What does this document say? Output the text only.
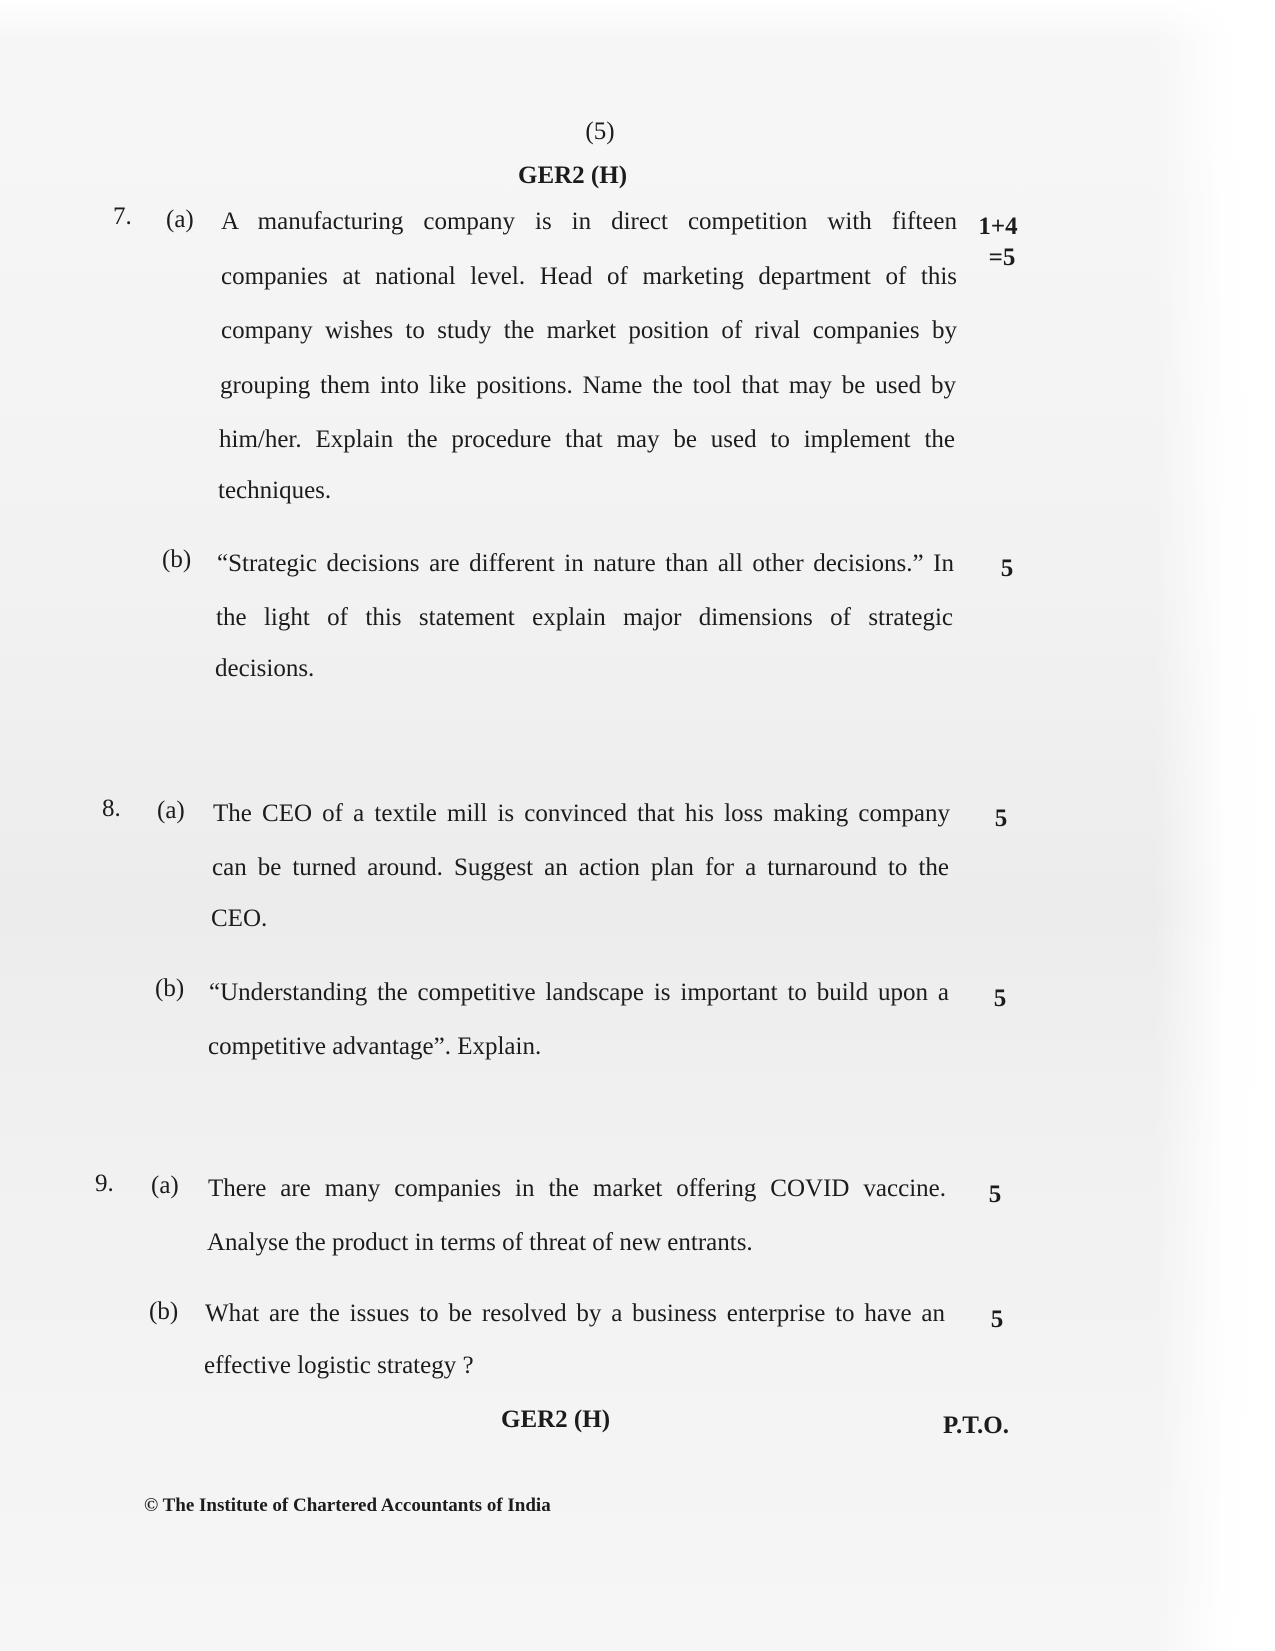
(5)
GER2 (H)
7. (a) A manufacturing company is in direct competition with fifteen
companies at national level. Head of marketing department of this
company wishes to study the market position of rival companies by
grouping them into like positions. Name the tool that may be used by
him/her. Explain the procedure that may be used to implement the
techniques.
1+4
=5
(b) “Strategic decisions are different in nature than all other decisions.” In
the light of this statement explain major dimensions of strategic
decisions.
5
8. (a) The CEO of a textile mill is convinced that his loss making company
can be turned around. Suggest an action plan for a turnaround to the
CEO.
5
(b) “Understanding the competitive landscape is important to build upon a
competitive advantage”. Explain.
5
9. (a) There are many companies in the market offering COVID vaccine.
Analyse the product in terms of threat of new entrants.
5
(b) What are the issues to be resolved by a business enterprise to have an
effective logistic strategy ?
5
GER2 (H)	P.T.O.
© The Institute of Chartered Accountants of India
